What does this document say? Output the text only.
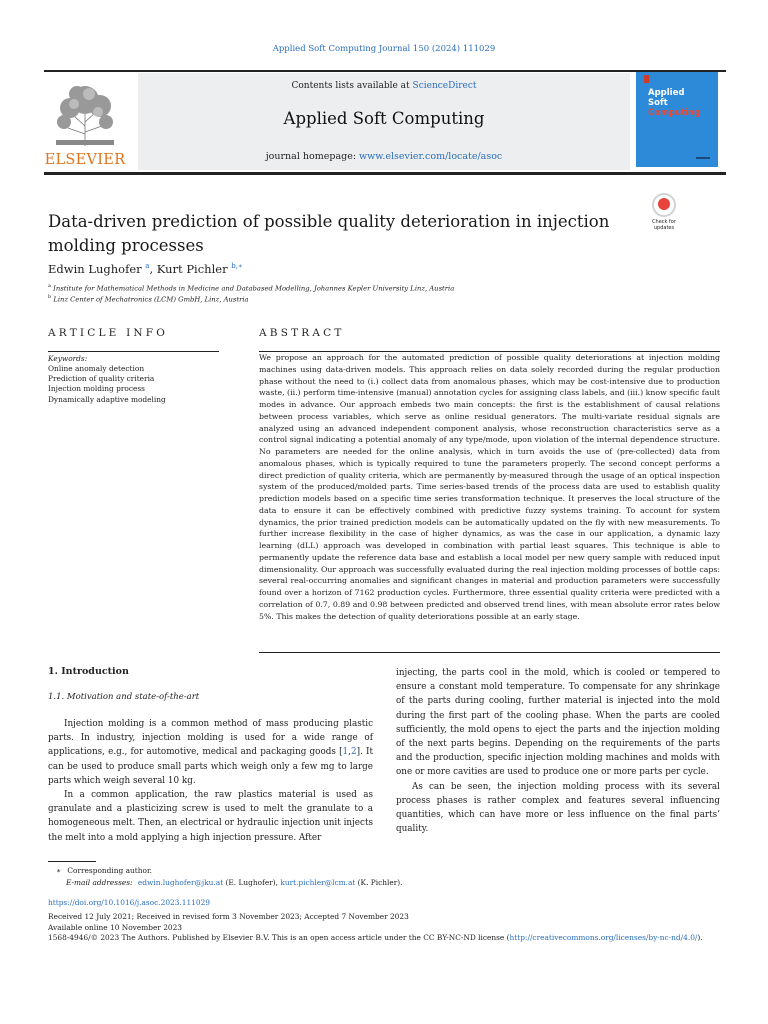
Applied Soft Computing Journal 150 (2024) 111029
ELSEVIER
Contents lists available at ScienceDirect
Applied Soft Computing
journal homepage: www.elsevier.com/locate/asoc
Applied
Soft
Computing
Data-driven prediction of possible quality deterioration in injection molding processes
Check for updates
Edwin Lughofer $^a$, Kurt Pichler $^{b,∗}$
$^a$ Institute for Mathematical Methods in Medicine and Databased Modelling, Johannes Kepler University Linz, Austria
$^b$ Linz Center of Mechatronics (LCM) GmbH, Linz, Austria
ARTICLE INFO	ABSTRACT
Keywords:
Online anomaly detection
Prediction of quality criteria
Injection molding process
Dynamically adaptive modeling
We propose an approach for the automated prediction of possible quality deteriorations at injection molding machines using data-driven models. This approach relies on data solely recorded during the regular production phase without the need to (i.) collect data from anomalous phases, which may be cost-intensive due to production waste, (ii.) perform time-intensive (manual) annotation cycles for assigning class labels, and (iii.) know specific fault modes in advance. Our approach embeds two main concepts: the first is the establishment of causal relations between process variables, which serve as online residual generators. The multi-variate residual signals are analyzed using an advanced independent component analysis, whose reconstruction characteristics serve as a control signal indicating a potential anomaly of any type/mode, upon violation of the internal dependence structure. No parameters are needed for the online analysis, which in turn avoids the use of (pre-collected) data from anomalous phases, which is typically required to tune the parameters properly. The second concept performs a direct prediction of quality criteria, which are permanently by-measured through the usage of an optical inspection system of the produced/molded parts. Time series-based trends of the process data are used to establish quality prediction models based on a specific time series transformation technique. It preserves the local structure of the data to ensure it can be effectively combined with predictive fuzzy systems training. To account for system dynamics, the prior trained prediction models can be automatically updated on the fly with new measurements. To further increase flexibility in the case of higher dynamics, as was the case in our application, a dynamic lazy learning (dLL) approach was developed in combination with partial least squares. This technique is able to permanently update the reference data base and establish a local model per new query sample with reduced input dimensionality. Our approach was successfully evaluated during the real injection molding processes of bottle caps: several real-occurring anomalies and significant changes in material and production parameters were successfully found over a horizon of 7162 production cycles. Furthermore, three essential quality criteria were predicted with a correlation of 0.7, 0.89 and 0.98 between predicted and observed trend lines, with mean absolute error rates below 5%. This makes the detection of quality deteriorations possible at an early stage.
1. Introduction
1.1. Motivation and state-of-the-art

Injection molding is a common method of mass producing plastic parts. In industry, injection molding is used for a wide range of applications, e.g., for automotive, medical and packaging goods [1,2]. It can be used to produce small parts which weigh only a few mg to large parts which weigh several 10 kg.

In a common application, the raw plastics material is used as granulate and a plasticizing screw is used to melt the granulate to a homogeneous melt. Then, an electrical or hydraulic injection unit injects the melt into a mold applying a high injection pressure. After

injecting, the parts cool in the mold, which is cooled or tempered to ensure a constant mold temperature. To compensate for any shrinkage of the parts during cooling, further material is injected into the mold during the first part of the cooling phase. When the parts are cooled sufficiently, the mold opens to eject the parts and the injection molding of the next parts begins. Depending on the requirements of the parts and the production, specific injection molding machines and molds with one or more cavities are used to produce one or more parts per cycle.

As can be seen, the injection molding process with its several process phases is rather complex and features several influencing quantities, which can have more or less influence on the final parts’ quality.

∗ Corresponding author.
E-mail addresses: edwin.lughofer@jku.at (E. Lughofer), kurt.pichler@lcm.at (K. Pichler).
https://doi.org/10.1016/j.asoc.2023.111029
Received 12 July 2021; Received in revised form 3 November 2023; Accepted 7 November 2023
Available online 10 November 2023
1568-4946/© 2023 The Authors. Published by Elsevier B.V. This is an open access article under the CC BY-NC-ND license (http://creativecommons.org/licenses/by-nc-nd/4.0/).
